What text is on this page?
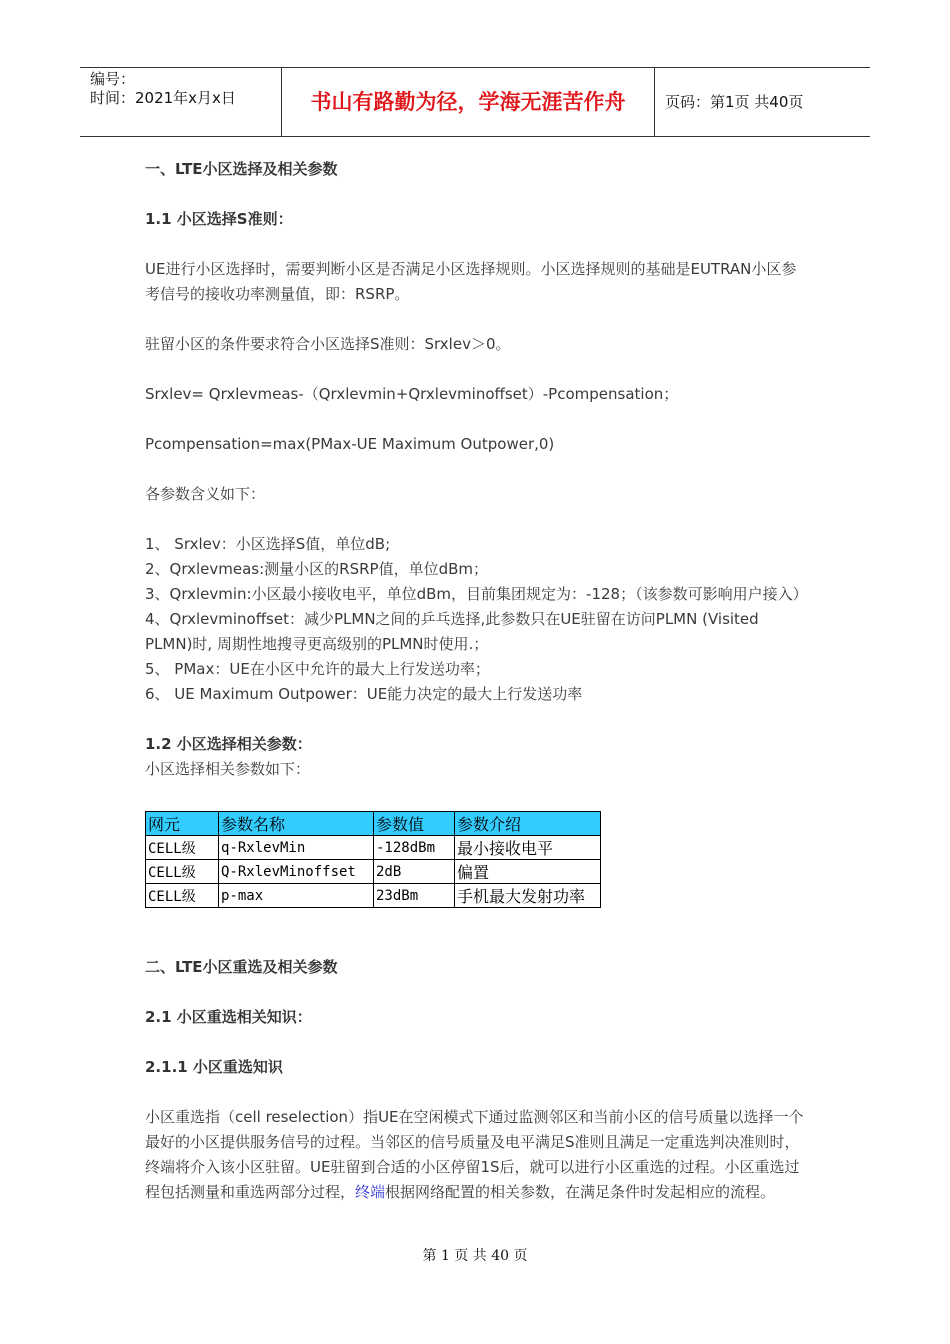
编号：
时间：2021年x月x日	书山有路勤为径，学海无涯苦作舟	页码：第1页 共40页

一、LTE小区选择及相关参数

1.1 小区选择S准则：

UE进行小区选择时，需要判断小区是否满足小区选择规则。小区选择规则的基础是EUTRAN小区参考信号的接收功率测量值，即：RSRP。

驻留小区的条件要求符合小区选择S准则：Srxlev＞0。

Srxlev= Qrxlevmeas-（Qrxlevmin+Qrxlevminoffset）-Pcompensation；

Pcompensation=max(PMax-UE Maximum Outpower,0)

各参数含义如下：

1、 Srxlev：小区选择S值，单位dB;

2、Qrxlevmeas:测量小区的RSRP值，单位dBm；

3、Qrxlevmin:小区最小接收电平，单位dBm，目前集团规定为：-128；（该参数可影响用户接入）

4、Qrxlevminoffset：减少PLMN之间的乒乓选择,此参数只在UE驻留在访问PLMN (Visited PLMN)时, 周期性地搜寻更高级别的PLMN时使用.；

5、 PMax：UE在小区中允许的最大上行发送功率；

6、 UE Maximum Outpower：UE能力决定的最大上行发送功率

1.2 小区选择相关参数：

小区选择相关参数如下：

网元	参数名称	参数值	参数介绍
CELL级	q-RxlevMin	-128dBm	最小接收电平
CELL级	Q-RxlevMinoffset	2dB	偏置
CELL级	p-max	23dBm	手机最大发射功率

二、LTE小区重选及相关参数

2.1 小区重选相关知识：

2.1.1 小区重选知识

小区重选指（cell reselection）指UE在空闲模式下通过监测邻区和当前小区的信号质量以选择一个最好的小区提供服务信号的过程。当邻区的信号质量及电平满足S准则且满足一定重选判决准则时，终端将介入该小区驻留。UE驻留到合适的小区停留1S后，就可以进行小区重选的过程。小区重选过程包括测量和重选两部分过程，终端根据网络配置的相关参数，在满足条件时发起相应的流程。

第 1 页 共 40 页
